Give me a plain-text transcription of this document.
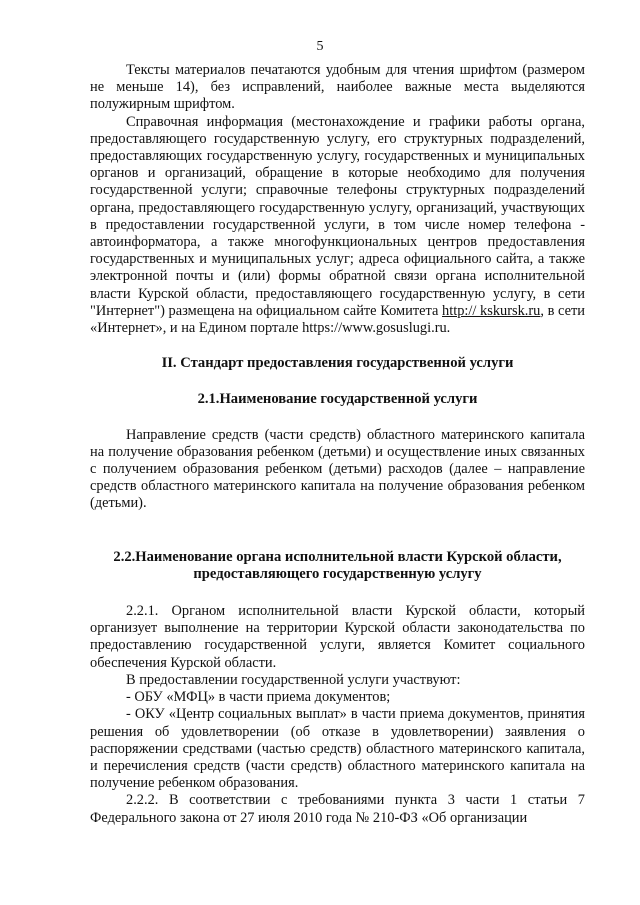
5

Тексты материалов печатаются удобным для чтения шрифтом (размером не меньше 14), без исправлений, наиболее важные места выделяются полужирным шрифтом.

Справочная информация (местонахождение и графики работы органа, предоставляющего государственную услугу, его структурных подразделений, предоставляющих государственную услугу, государственных и муниципальных органов и организаций, обращение в которые необходимо для получения государственной услуги; справочные телефоны структурных подразделений органа, предоставляющего государственную услугу, организаций, участвующих в предоставлении государственной услуги, в том числе номер телефона - автоинформатора, а также многофункциональных центров предоставления государственных и муниципальных услуг; адреса официального сайта, а также электронной почты и (или) формы обратной связи органа исполнительной власти Курской области, предоставляющего государственную услугу, в сети "Интернет") размещена на официальном сайте Комитета http:// kskursk.ru, в сети «Интернет», и на Едином портале https://www.gosuslugi.ru.

II. Стандарт предоставления государственной услуги

2.1.Наименование государственной услуги

Направление средств (части средств) областного материнского капитала на получение образования ребенком (детьми) и осуществление иных связанных с получением образования ребенком (детьми) расходов (далее – направление средств областного материнского капитала на получение образования ребенком (детьми).

2.2.Наименование органа исполнительной власти Курской области,

предоставляющего государственную услугу

2.2.1. Органом исполнительной власти Курской области, который организует выполнение на территории Курской области законодательства по предоставлению государственной услуги, является Комитет социального обеспечения Курской области.

В предоставлении государственной услуги участвуют:

- ОБУ «МФЦ» в части приема документов;

- ОКУ «Центр социальных выплат» в части приема документов, принятия решения об удовлетворении (об отказе в удовлетворении) заявления о распоряжении средствами (частью средств) областного материнского капитала, и перечисления средств (части средств) областного материнского капитала на получение ребенком образования.

2.2.2. В соответствии с требованиями пункта 3 части 1 статьи 7 Федерального закона от 27 июля 2010 года № 210-ФЗ «Об организации
